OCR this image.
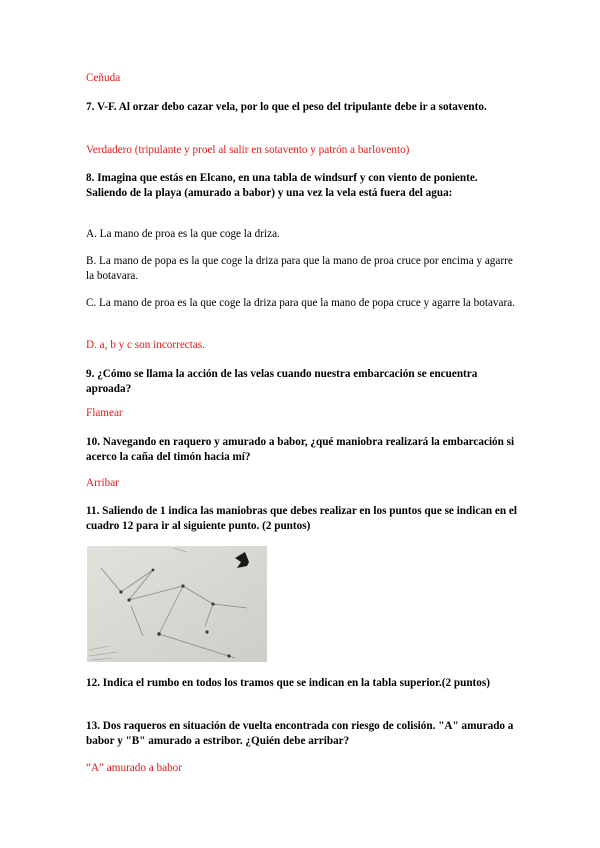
Ceñuda
7. V-F. Al orzar debo cazar vela, por lo que el peso del tripulante debe ir a sotavento.
Verdadero (tripulante y proel al salir en sotavento y patrón a barlovento)
8. Imagina que estás en Elcano, en una tabla de windsurf y con viento de poniente. Saliendo de la playa (amurado a babor) y una vez la vela está fuera del agua:
A. La mano de proa es la que coge la driza.
B. La mano de popa es la que coge la driza para que la mano de proa cruce por encima y agarre la botavara.
C. La mano de proa es la que coge la driza para que la mano de popa cruce y agarre la botavara.
D. a, b y c son incorrectas.
9. ¿Cómo se llama la acción de las velas cuando nuestra embarcación se encuentra aproada?
Flamear
10. Navegando en raquero y amurado a babor, ¿qué maniobra realizará la embarcación si acerco la caña del timón hacia mí?
Arribar
11. Saliendo de 1 indica las maniobras que debes realizar en los puntos que se indican en el cuadro 12 para ir al siguiente punto. (2 puntos)
12. Indica el rumbo en todos los tramos que se indican en la tabla superior.(2 puntos)
13. Dos raqueros en situación de vuelta encontrada con riesgo de colisión. "A" amurado a babor y "B" amurado a estribor. ¿Quién debe arribar?
“A” amurado a babor
